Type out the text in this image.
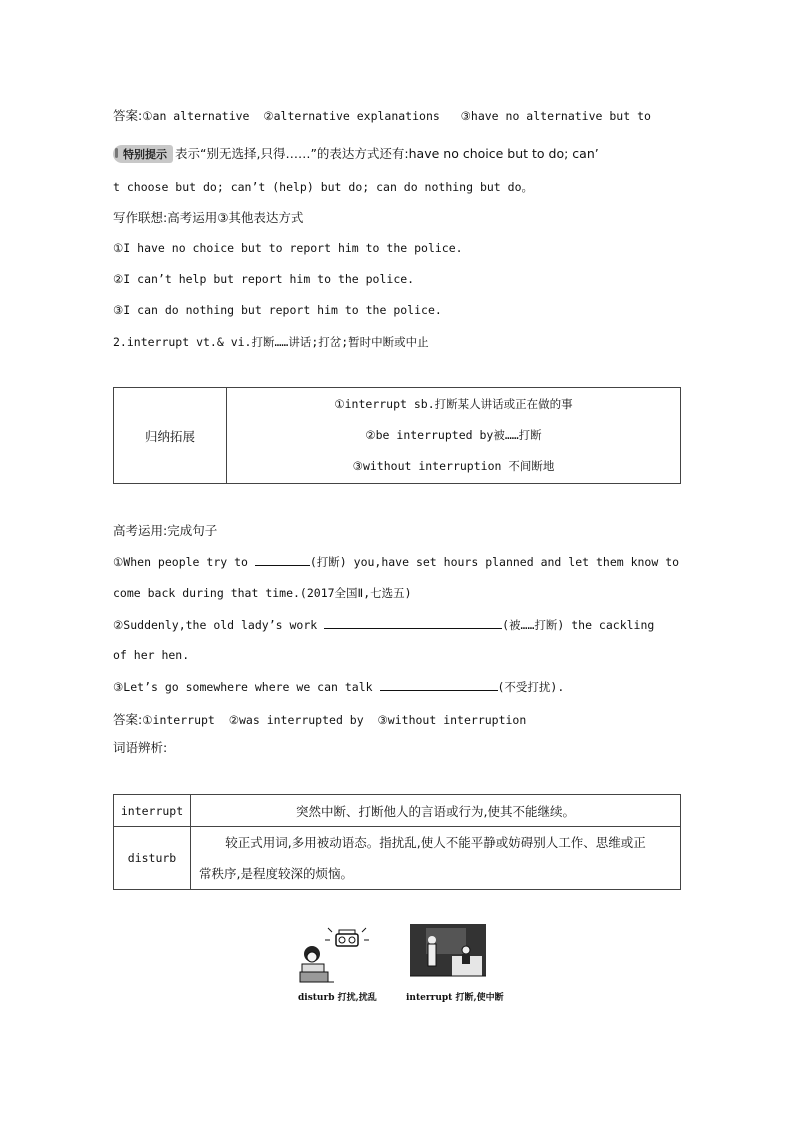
答案:①an alternative ②alternative explanations ③have no alternative but to
特别提示 表示“别无选择,只得……”的表达方式还有:have no choice but to do; can’
t choose but do; can’t (help) but do; can do nothing but do。
写作联想:高考运用③其他表达方式
①I have no choice but to report him to the police.
②I can’t help but report him to the police.
③I can do nothing but report him to the police.
2.interrupt vt.& vi.打断……讲话;打岔;暂时中断或中止
归纳拓展	
①interrupt sb.打断某人讲话或正在做的事
②be interrupted by被……打断
③without interruption 不间断地
高考运用:完成句子
①When people try to	(打断) you,have set hours planned and let them know to
come back during that time.(2017全国Ⅱ,七选五)
②Suddenly,the old lady’s work	(被……打断) the cackling
of her hen.
③Let’s go somewhere where we can talk	(不受打扰).
答案:①interrupt ②was interrupted by ③without interruption
词语辨析:
interrupt	突然中断、打断他人的言语或行为,使其不能继续。
disturb	较正式用词,多用被动语态。指扰乱,使人不能平静或妨碍别人工作、思维或正
常秩序,是程度较深的烦恼。
disturb 打扰,扰乱	interrupt 打断,使中断
